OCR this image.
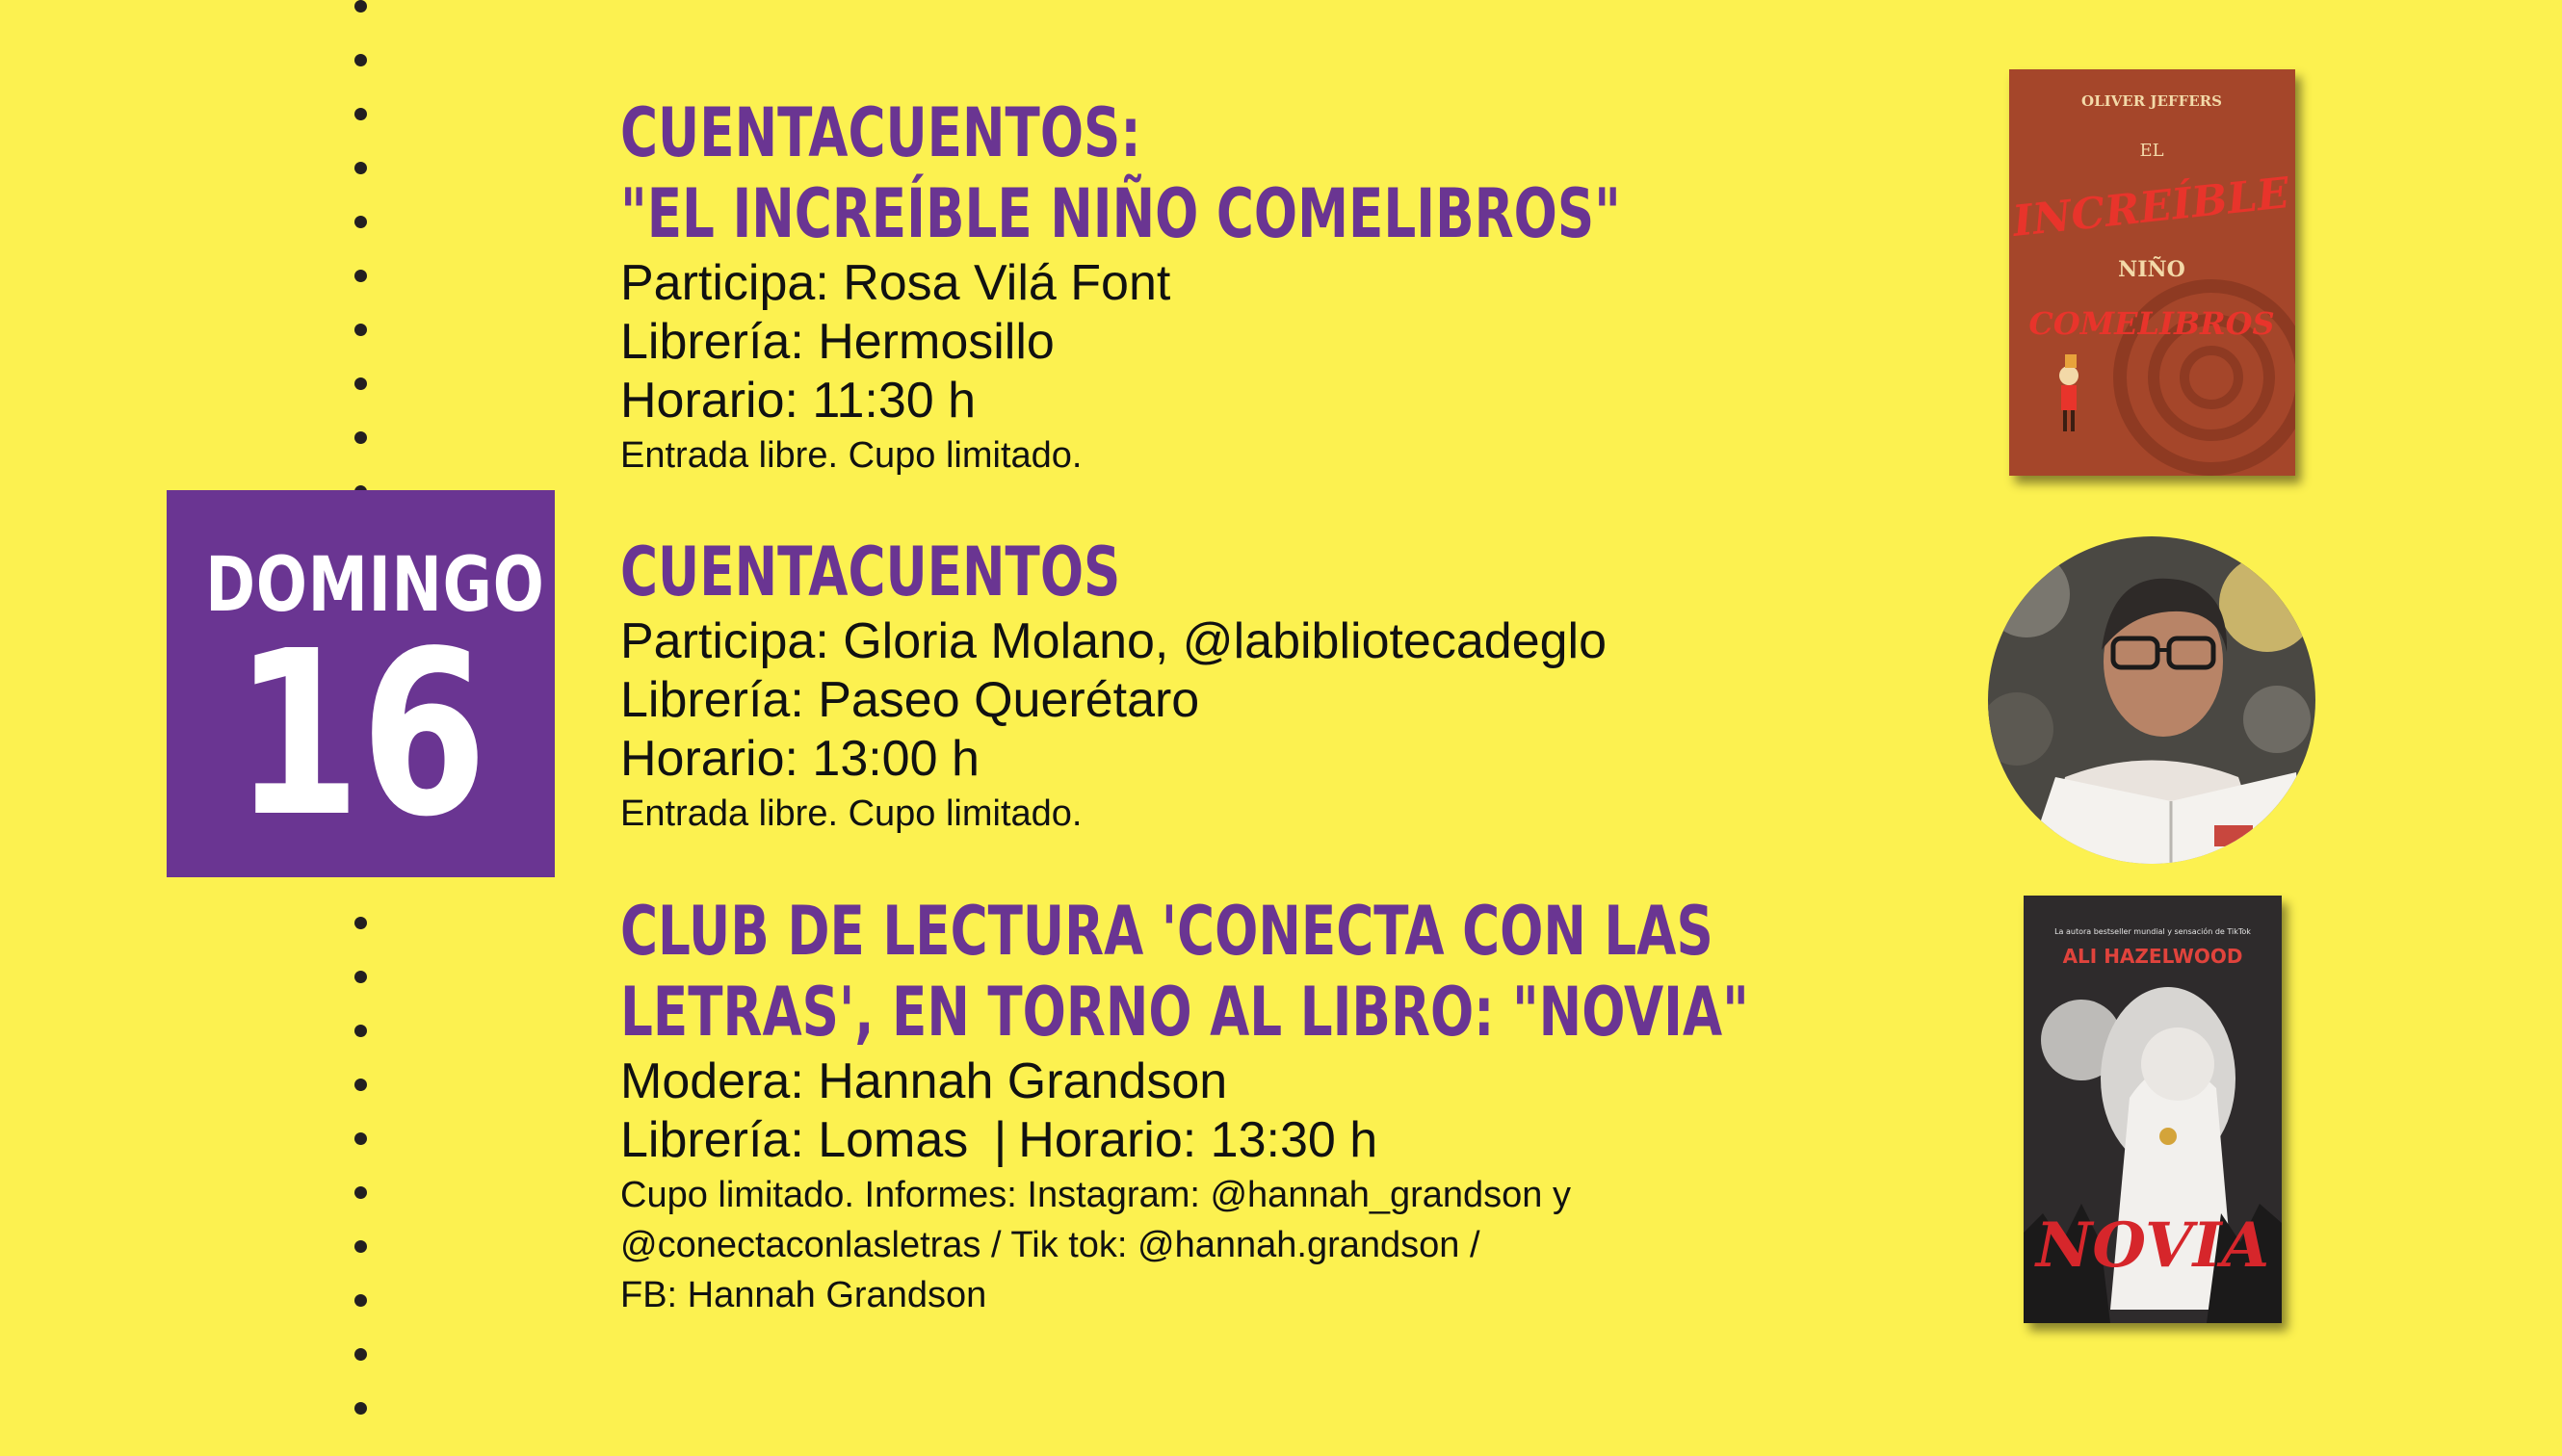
DOMINGO
16
CUENTACUENTOS:
"EL INCREÍBLE NIÑO COMELIBROS"
Participa: Rosa Vilá Font
Librería: Hermosillo
Horario: 11:30 h
Entrada libre. Cupo limitado.
CUENTACUENTOS
Participa: Gloria Molano, @labibliotecadeglo
Librería: Paseo Querétaro
Horario: 13:00 h
Entrada libre. Cupo limitado.
CLUB DE LECTURA 'CONECTA CON LAS
LETRAS', EN TORNO AL LIBRO: "NOVIA"
Modera: Hannah Grandson
Librería: Lomas | Horario: 13:30 h
Cupo limitado. Informes: Instagram: @hannah_grandson y
@conectaconlasletras / Tik tok: @hannah.grandson /
FB: Hannah Grandson
OLIVER JEFFERS
EL
INCREÍBLE
NIÑO
COMELIBROS
La autora bestseller mundial y sensación de TikTok
ALI HAZELWOOD
NOVIA
